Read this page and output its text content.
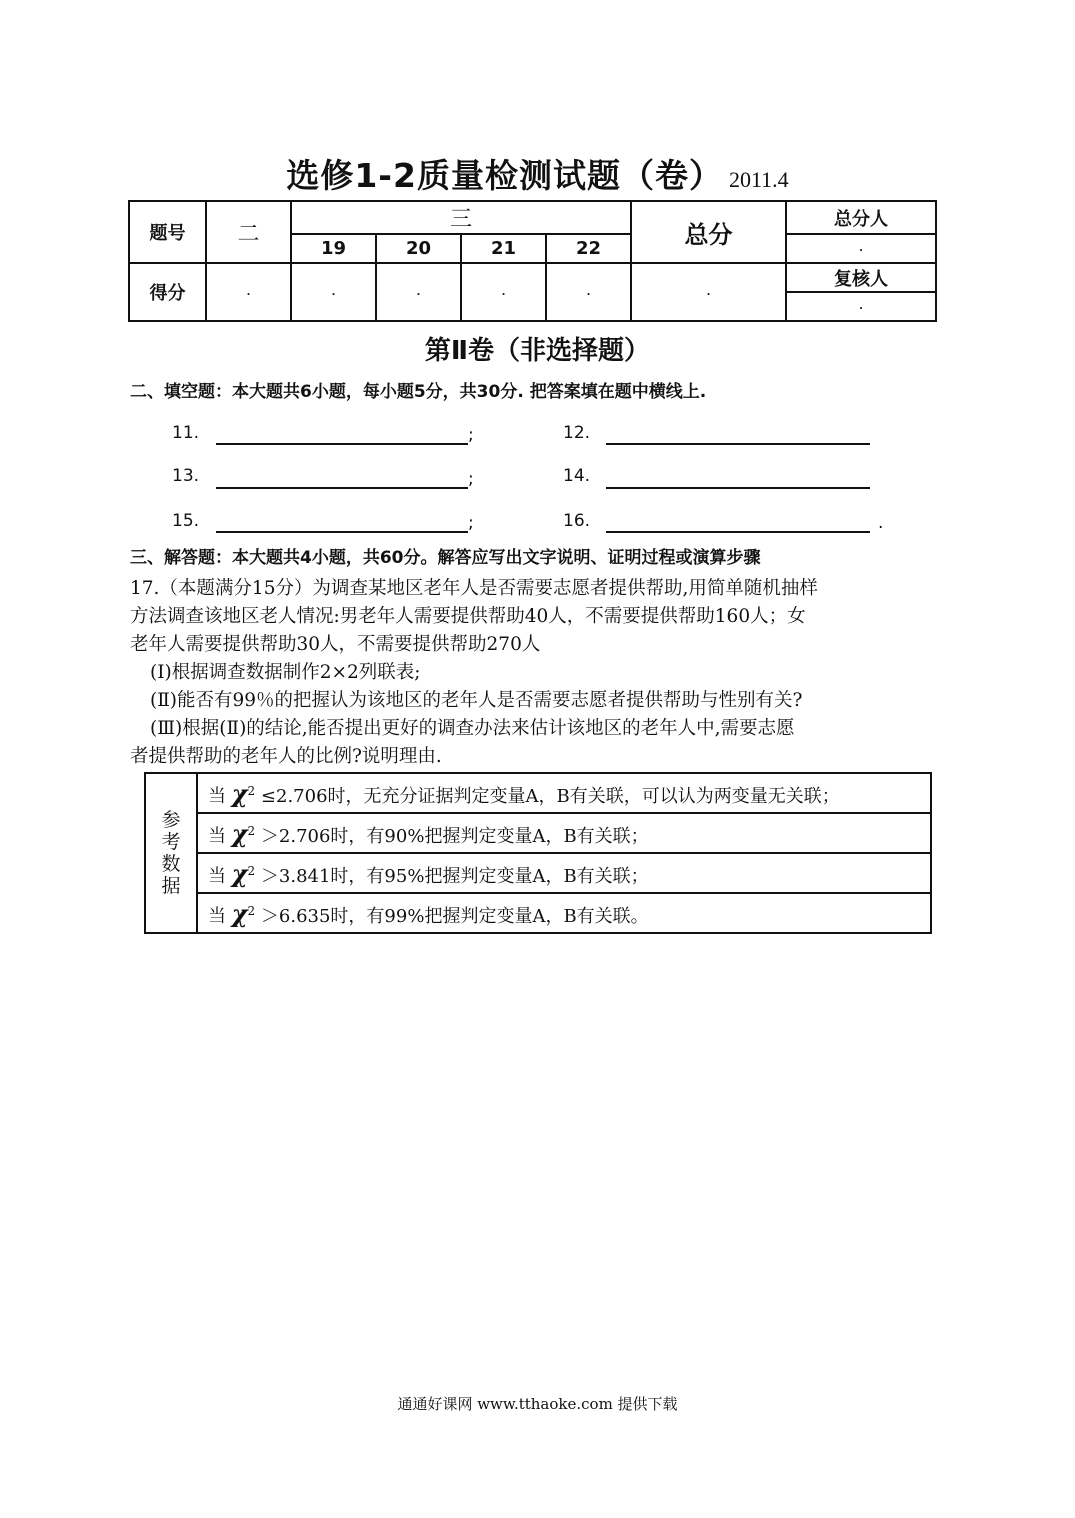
选修1-2质量检测试题（卷） 2011.4
题号	二	三				总分	总分人
		19	20	21	22		.
得分	.	.	.	.	.	.	复核人
							.
第Ⅱ卷（非选择题）
二、填空题：本大题共6小题，每小题5分，共30分. 把答案填在题中横线上.
11.	;	12.
13.	;	14.
15.	;	16.	.
三、解答题：本大题共4小题，共60分。解答应写出文字说明、证明过程或演算步骤
17.（本题满分15分）为调查某地区老年人是否需要志愿者提供帮助,用简单随机抽样
方法调查该地区老人情况:男老年人需要提供帮助40人，不需要提供帮助160人；女
老年人需要提供帮助30人，不需要提供帮助270人
(Ⅰ)根据调查数据制作2×2列联表;
(Ⅱ)能否有99％的把握认为该地区的老年人是否需要志愿者提供帮助与性别有关?
(Ⅲ)根据(Ⅱ)的结论,能否提出更好的调查办法来估计该地区的老年人中,需要志愿
者提供帮助的老年人的比例?说明理由.
参
考
数
据
	当 $\chi^2 \le 2.706$时，无充分证据判定变量A，B有关联，可以认为两变量无关联；
当 $\chi^2 >2.706$时，有90%把握判定变量A，B有关联；
当 $\chi^2 >3.841$时，有95%把握判定变量A，B有关联；
当 $\chi^2 >6.635$时，有99%把握判定变量A，B有关联。
通通好课网 www.tthaoke.com 提供下载
